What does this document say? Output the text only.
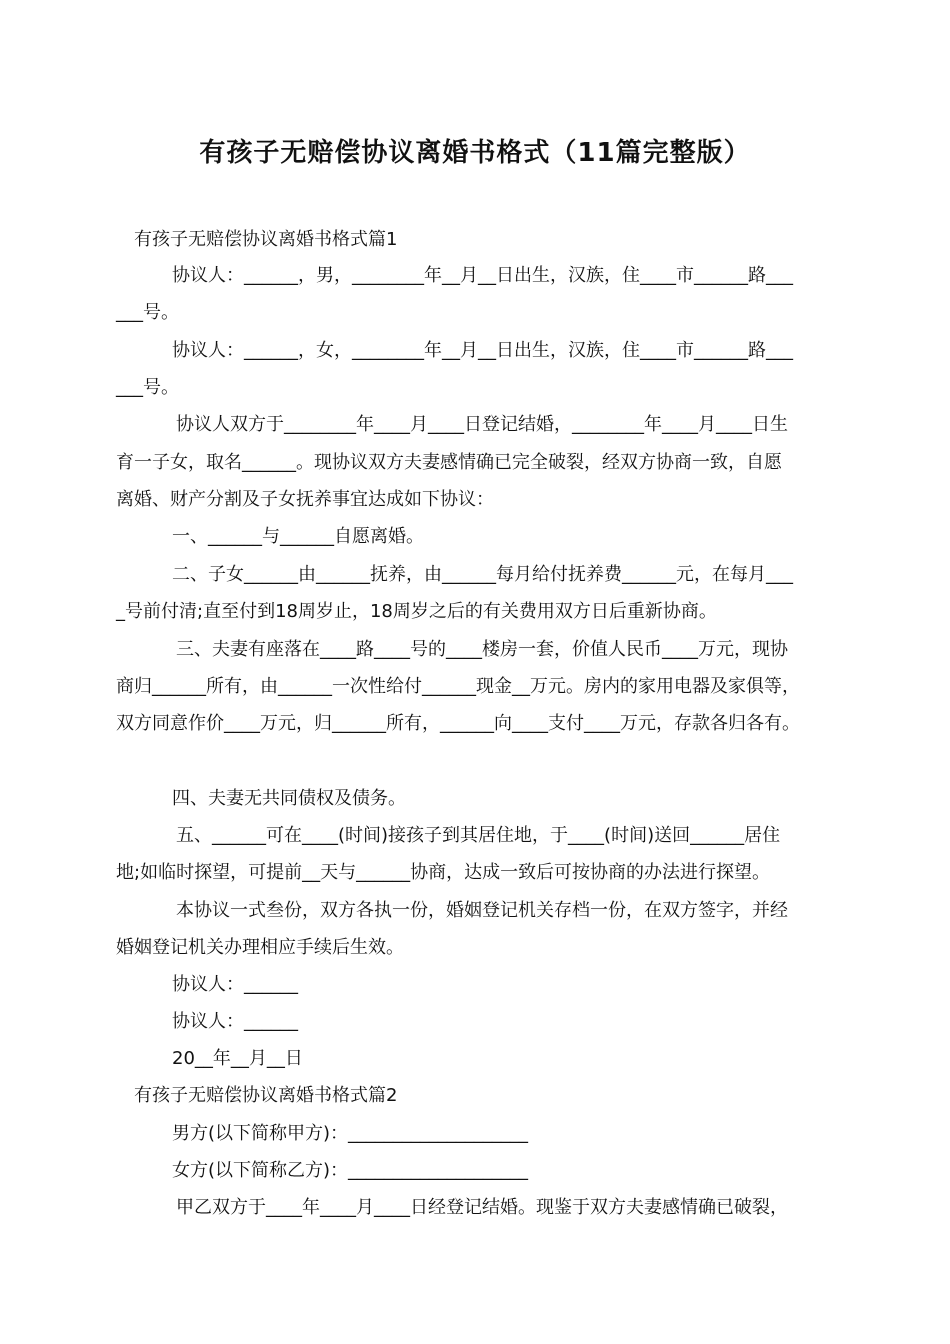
有孩子无赔偿协议离婚书格式（11篇完整版）
有孩子无赔偿协议离婚书格式篇1
协议人：______，男，________年__月__日出生，汉族，住____市______路___
___号。
协议人：______，女，________年__月__日出生，汉族，住____市______路___
___号。
协议人双方于________年____月____日登记结婚，________年____月____日生
育一子女，取名______。现协议双方夫妻感情确已完全破裂，经双方协商一致，自愿
离婚、财产分割及子女抚养事宜达成如下协议：
一、______与______自愿离婚。
二、子女______由______抚养，由______每月给付抚养费______元，在每月___
_号前付清;直至付到18周岁止，18周岁之后的有关费用双方日后重新协商。
三、夫妻有座落在____路____号的____楼房一套，价值人民币____万元，现协
商归______所有，由______一次性给付______现金__万元。房内的家用电器及家俱等，
双方同意作价____万元，归______所有，______向____支付____万元，存款各归各有。
四、夫妻无共同债权及债务。
五、______可在____(时间)接孩子到其居住地，于____(时间)送回______居住
地;如临时探望，可提前__天与______协商，达成一致后可按协商的办法进行探望。
本协议一式叁份，双方各执一份，婚姻登记机关存档一份，在双方签字，并经
婚姻登记机关办理相应手续后生效。
协议人：______
协议人：______
20__年__月__日
有孩子无赔偿协议离婚书格式篇2
男方(以下简称甲方)：____________________
女方(以下简称乙方)：____________________
甲乙双方于____年____月____日经登记结婚。现鉴于双方夫妻感情确已破裂，
